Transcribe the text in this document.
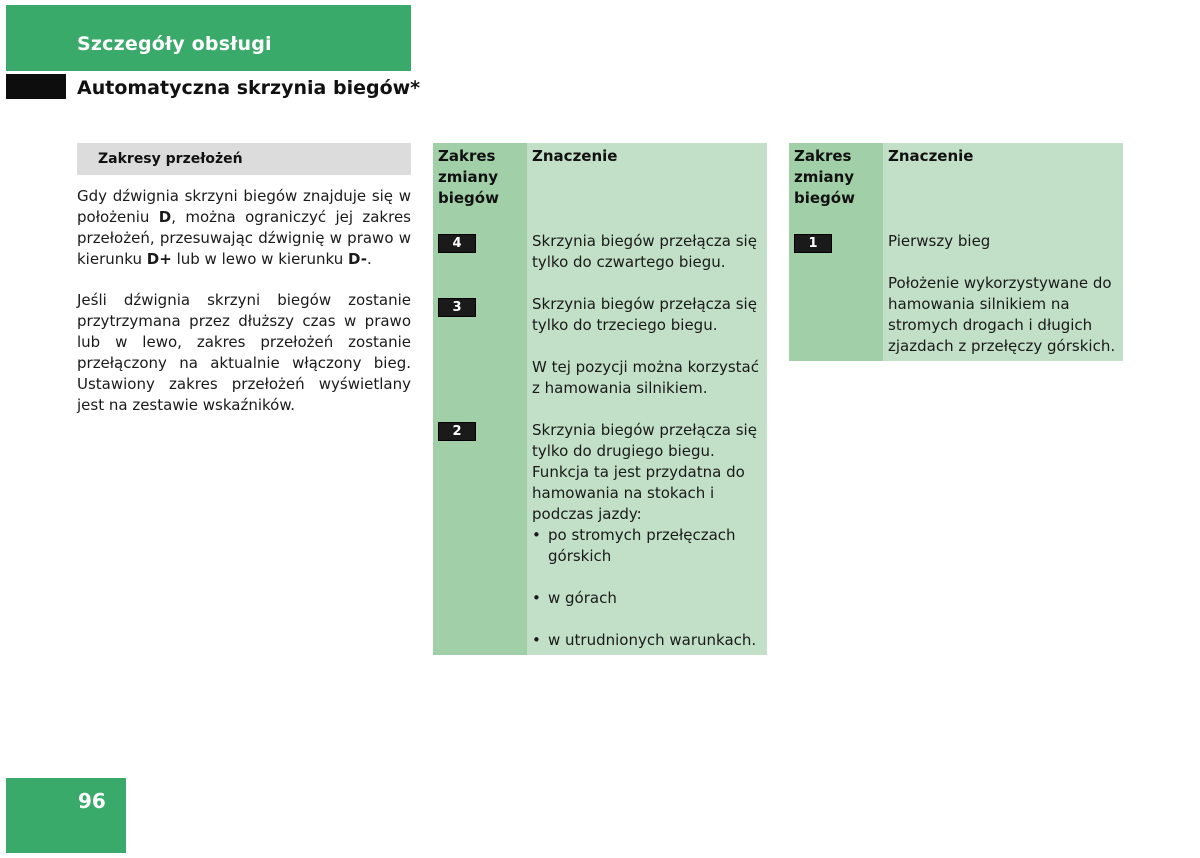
Szczegóły obsługi
Automatyczna skrzynia biegów*
Zakresy przełożeń
Gdy dźwignia skrzyni biegów znajduje się w położeniu D, można ograniczyć jej zakres przełożeń, przesuwając dźwignię w prawo w kierunku D+ lub w lewo w kierunku D-.
Jeśli dźwignia skrzyni biegów zostanie przytrzymana przez dłuższy czas w prawo lub w lewo, zakres przełożeń zostanie przełączony na aktualnie włączony bieg. Ustawiony zakres przełożeń wyświetlany jest na zestawie wskaźników.
Zakres zmiany biegów
Znaczenie
4	Skrzynia biegów przełącza się tylko do czwartego biegu.
3	Skrzynia biegów przełącza się tylko do trzeciego biegu.
W tej pozycji można korzystać z hamowania silnikiem.
2	Skrzynia biegów przełącza się tylko do drugiego biegu. Funkcja ta jest przydatna do hamowania na stokach i podczas jazdy:
• po stromych przełęczach górskich
• w górach
• w utrudnionych warunkach.
Zakres zmiany biegów
Znaczenie
1	Pierwszy bieg
Położenie wykorzystywane do hamowania silnikiem na stromych drogach i długich zjazdach z przełęczy górskich.
96
